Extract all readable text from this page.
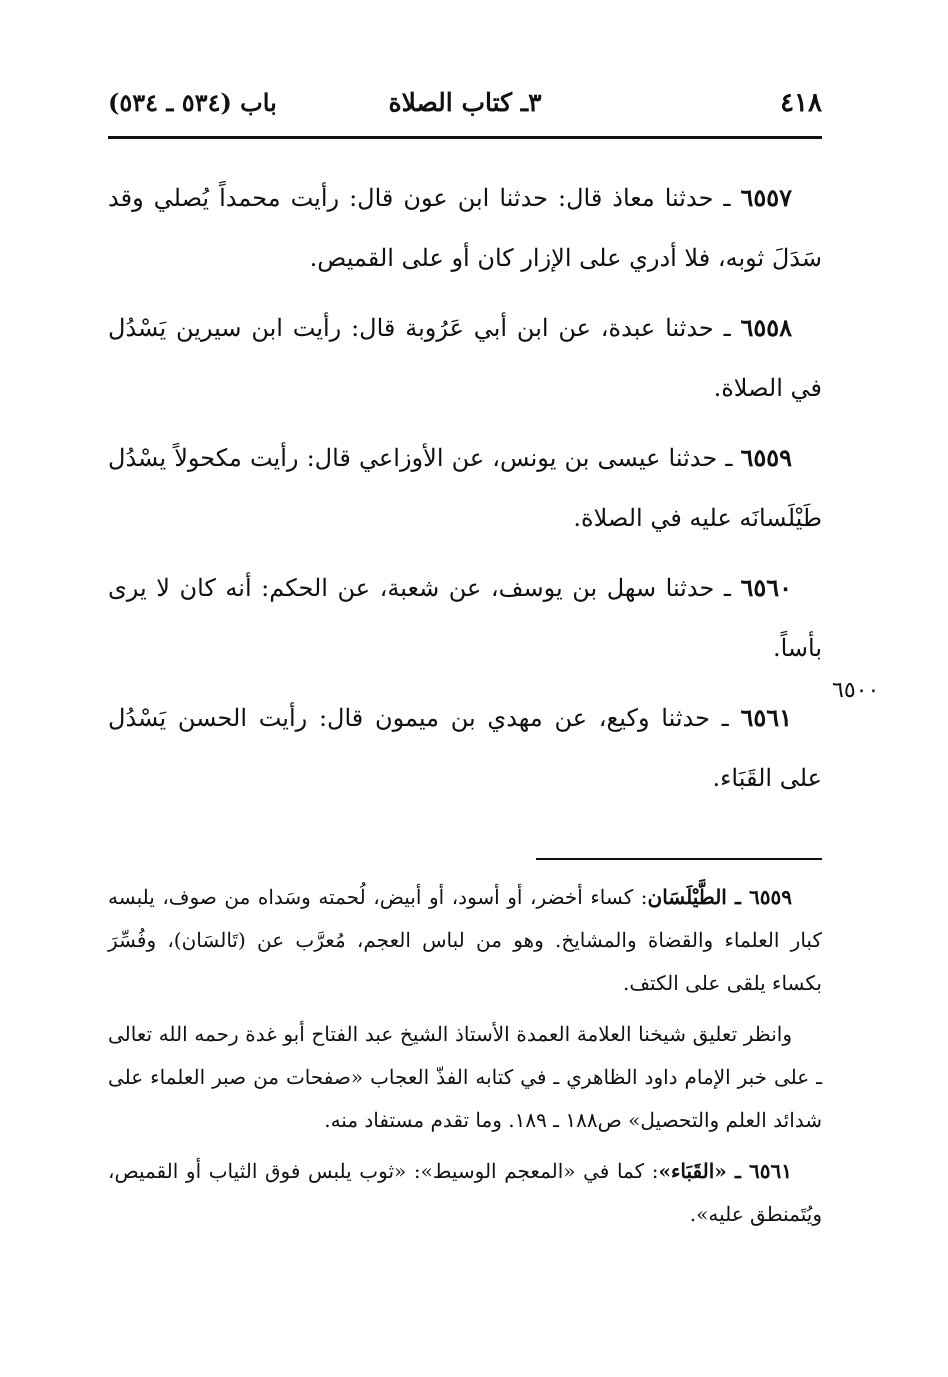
٤١٨
٣ـ كتاب الصلاة
باب (٥٣٤ ـ ٥٣٤)

٦٥٥٧ ـ حدثنا معاذ قال: حدثنا ابن عون قال: رأيت محمداً يُصلي وقد سَدَلَ ثوبه، فلا أدري على الإزار كان أو على القميص.

٦٥٥٨ ـ حدثنا عبدة، عن ابن أبي عَرُوبة قال: رأيت ابن سيرين يَسْدُل في الصلاة.

٦٥٥٩ ـ حدثنا عيسى بن يونس، عن الأوزاعي قال: رأيت مكحولاً يسْدُل طَيْلَسانَه عليه في الصلاة.

٦٥٦٠ ـ حدثنا سهل بن يوسف، عن شعبة، عن الحكم: أنه كان لا يرى بأساً.

٦٥٦١ ـ حدثنا وكيع، عن مهدي بن ميمون قال: رأيت الحسن يَسْدُل على القَبَاء.

٦٥٠٠

٦٥٥٩ ـ الطَّيْلَسَان: كساء أخضر، أو أسود، أو أبيض، لُحمته وسَداه من صوف، يلبسه كبار العلماء والقضاة والمشايخ. وهو من لباس العجم، مُعرَّب عن (تَالسَان)، وفُسِّرَ بكساء يلقى على الكتف.

وانظر تعليق شيخنا العلامة العمدة الأستاذ الشيخ عبد الفتاح أبو غدة رحمه الله تعالى ـ على خبر الإمام داود الظاهري ـ في كتابه الفذّ العجاب «صفحات من صبر العلماء على شدائد العلم والتحصيل» ص١٨٨ ـ ١٨٩. وما تقدم مستفاد منه.

٦٥٦١ ـ «القَبَاء»: كما في «المعجم الوسيط»: «ثوب يلبس فوق الثياب أو القميص، ويُتَمنطق عليه».
